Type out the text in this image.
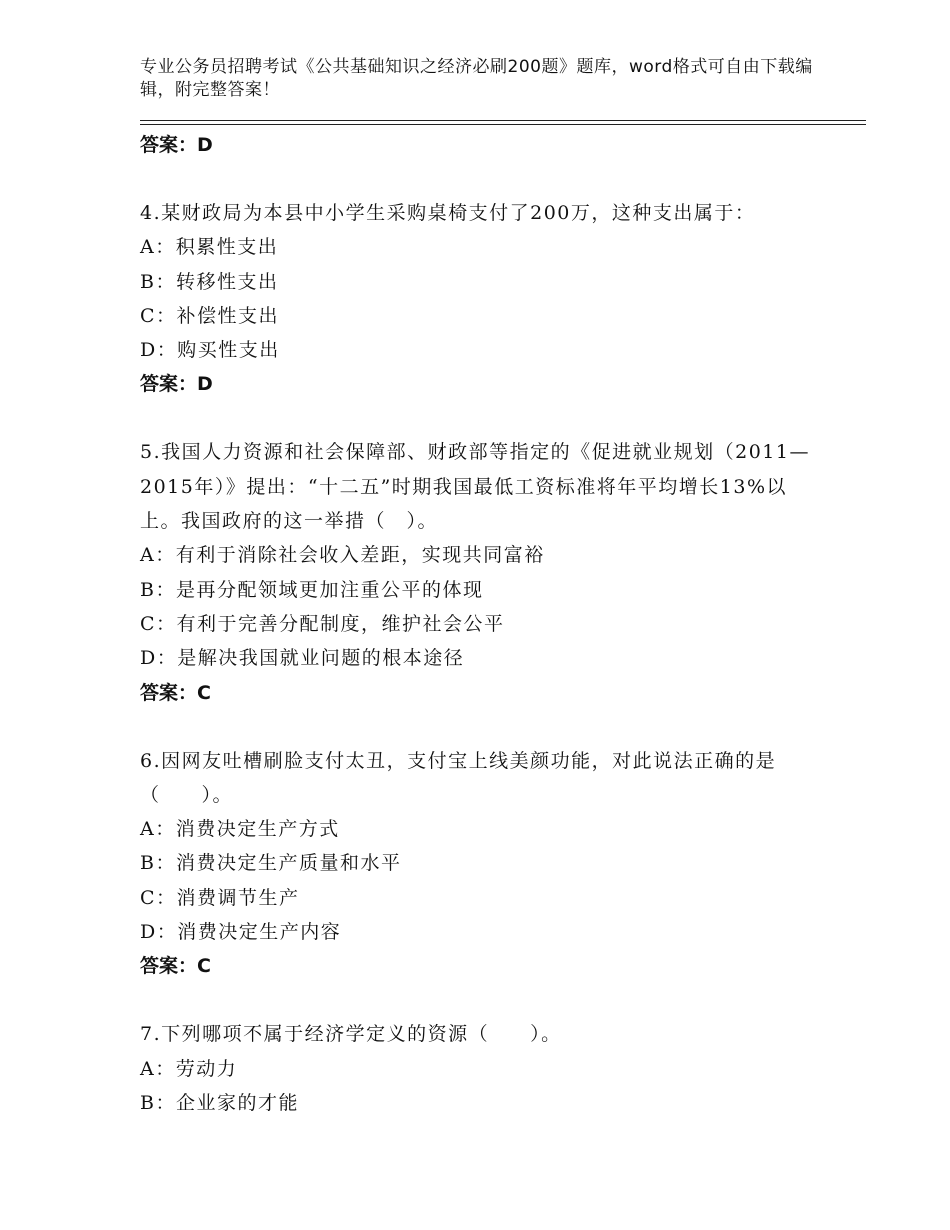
专业公务员招聘考试《公共基础知识之经济必刷200题》题库，word格式可自由下载编辑，附完整答案！
答案：D
4.某财政局为本县中小学生采购桌椅支付了200万，这种支出属于：
A：积累性支出
B：转移性支出
C：补偿性支出
D：购买性支出
答案：D
5.我国人力资源和社会保障部、财政部等指定的《促进就业规划（2011—2015年）》提出：“十二五”时期我国最低工资标准将年平均增长13%以上。我国政府的这一举措（　）。
A：有利于消除社会收入差距，实现共同富裕
B：是再分配领域更加注重公平的体现
C：有利于完善分配制度，维护社会公平
D：是解决我国就业问题的根本途径
答案：C
6.因网友吐槽刷脸支付太丑，支付宝上线美颜功能，对此说法正确的是（　　）。
A：消费决定生产方式
B：消费决定生产质量和水平
C：消费调节生产
D：消费决定生产内容
答案：C
7.下列哪项不属于经济学定义的资源（　　）。
A：劳动力
B：企业家的才能
